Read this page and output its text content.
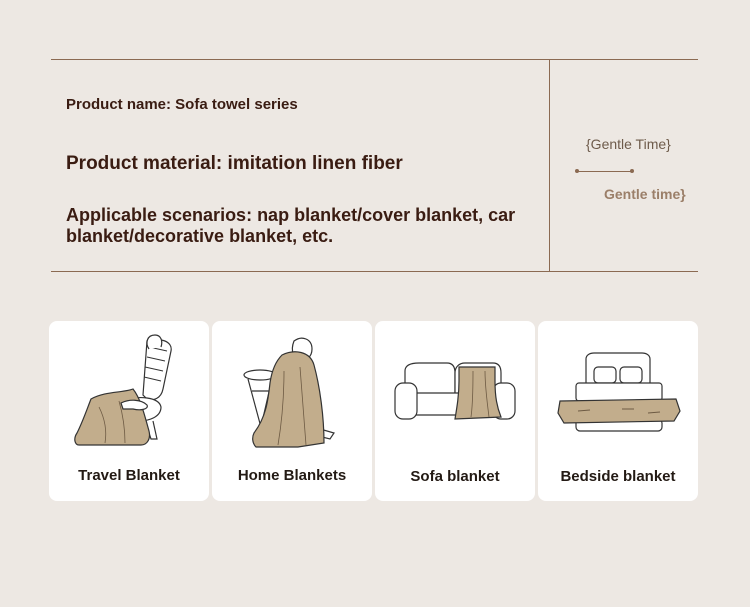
Product name: Sofa towel series
Product material: imitation linen fiber
Applicable scenarios: nap blanket/cover blanket, car blanket/decorative blanket, etc.
{Gentle Time}
Gentle time}
Travel Blanket	Home Blankets	Sofa blanket	Bedside blanket
